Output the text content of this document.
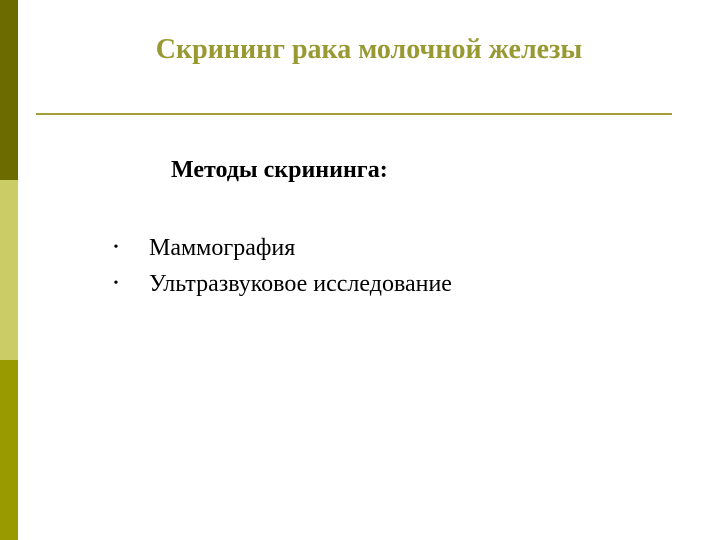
Скрининг рака молочной железы
Методы скрининга:
• Маммография
• Ультразвуковое исследование
